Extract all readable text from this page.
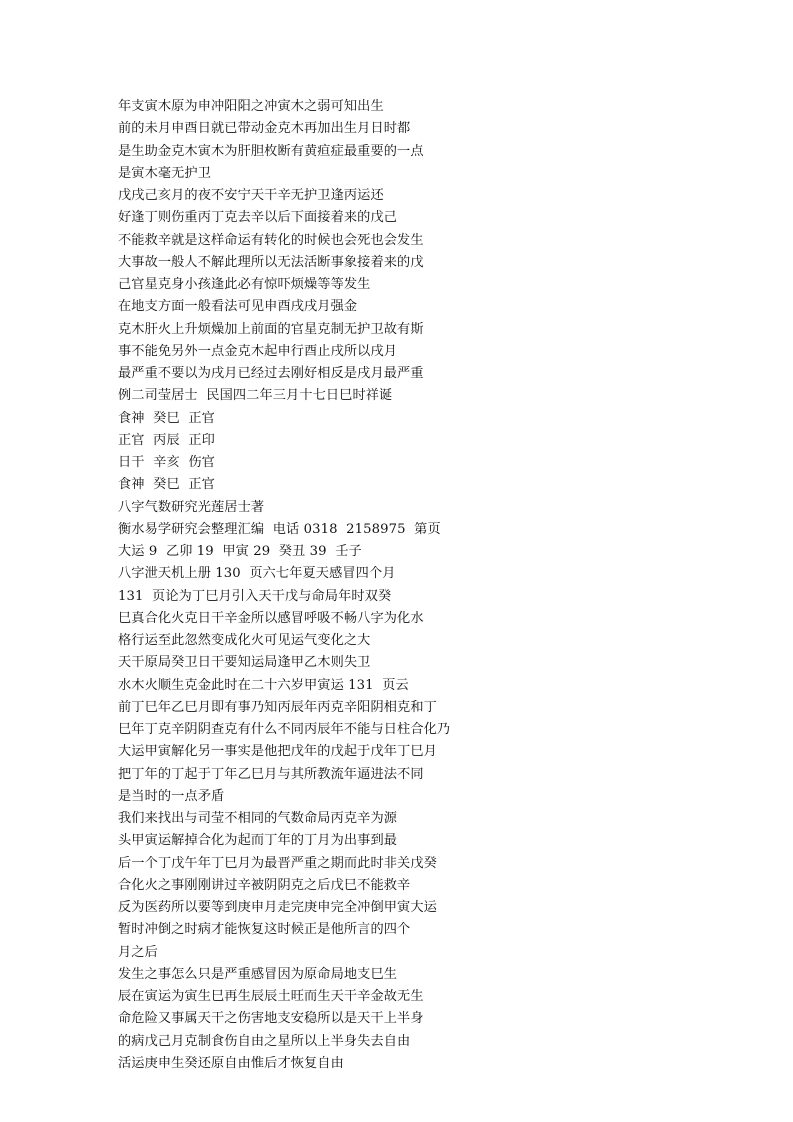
年支寅木原为申冲阳阳之冲寅木之弱可知出生
前的未月申酉日就已带动金克木再加出生月日时都
是生助金克木寅木为肝胆枚断有黄疸症最重要的一点
是寅木毫无护卫
戊戌己亥月的夜不安宁天干辛无护卫逢丙运还
好逢丁则伤重丙丁克去辛以后下面接着来的戊己
不能救辛就是这样命运有转化的时候也会死也会发生
大事故一般人不解此理所以无法活断事象接着来的戊
己官星克身小孩逢此必有惊吓烦燥等等发生
在地支方面一般看法可见申酉戌戌月强金
克木肝火上升烦燥加上前面的官星克制无护卫故有斯
事不能免另外一点金克木起申行酉止戌所以戌月
最严重不要以为戌月已经过去刚好相反是戌月最严重
例二司莹居士  民国四二年三月十七日巳时祥诞
食神  癸巳  正官
正官  丙辰  正印
日干  辛亥  伤官
食神  癸巳  正官
八字气数研究光莲居士著
衡水易学研究会整理汇编  电话 0318  2158975  第页
大运 9  乙卯 19  甲寅 29  癸丑 39  壬子
八字泄天机上册 130  页六七年夏天感冒四个月
131  页论为丁巳月引入天干戊与命局年时双癸
巳真合化火克日干辛金所以感冒呼吸不畅八字为化水
格行运至此忽然变成化火可见运气变化之大
天干原局癸卫日干要知运局逢甲乙木则失卫
水木火顺生克金此时在二十六岁甲寅运 131  页云
前丁巳年乙巳月即有事乃知丙辰年丙克辛阳阴相克和丁
巳年丁克辛阴阴查克有什么不同丙辰年不能与日柱合化乃
大运甲寅解化另一事实是他把戊年的戊起于戊年丁巳月
把丁年的丁起于丁年乙巳月与其所教流年逼进法不同
是当时的一点矛盾
我们来找出与司莹不相同的气数命局丙克辛为源
头甲寅运解掉合化为起而丁年的丁月为出事到最
后一个丁戊午年丁巳月为最晋严重之期而此时非关戊癸
合化火之事刚刚讲过辛被阴阴克之后戊巳不能救辛
反为医药所以要等到庚申月走完庚申完全冲倒甲寅大运
暂时冲倒之时病才能恢复这时候正是他所言的四个
月之后
发生之事怎么只是严重感冒因为原命局地支巳生
辰在寅运为寅生巳再生辰辰土旺而生天干辛金故无生
命危险又事属天干之伤害地支安稳所以是天干上半身
的病戊己月克制食伤自由之星所以上半身失去自由
活运庚申生癸还原自由惟后才恢复自由
